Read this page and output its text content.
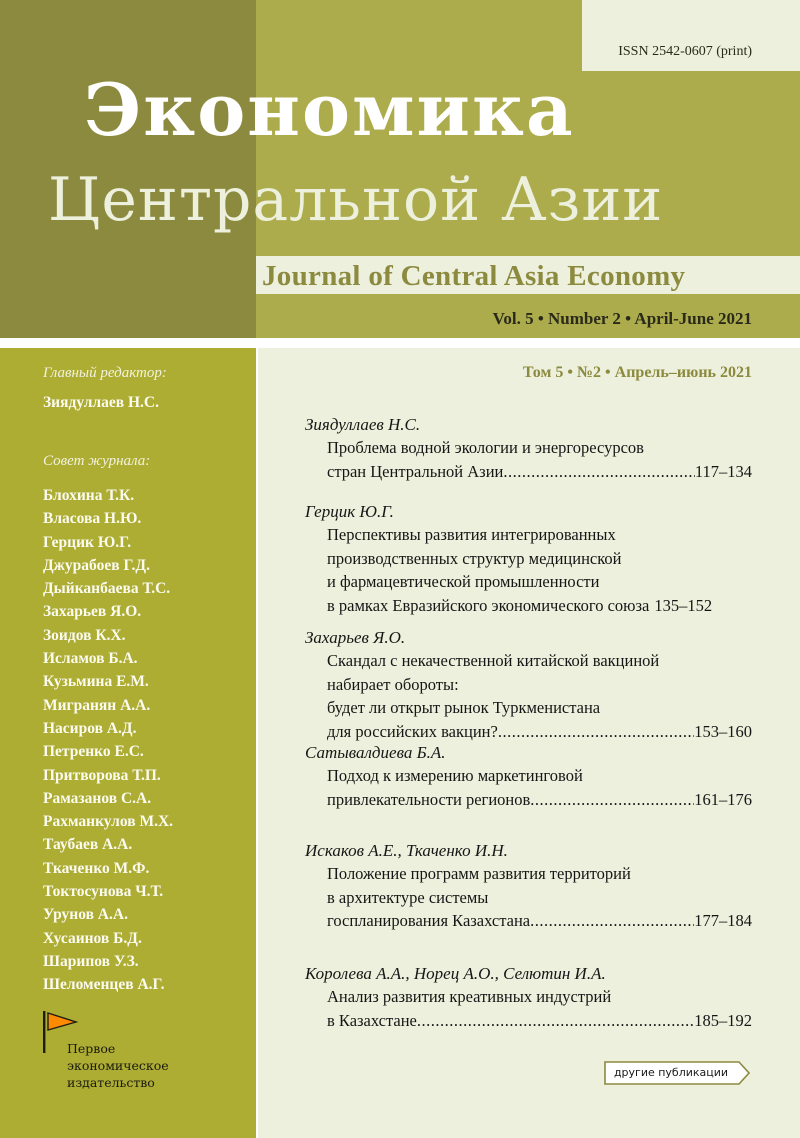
ISSN 2542-0607 (print)
Экономика
Центральной Азии
Journal of Central Asia Economy
Vol. 5 • Number 2 • April-June 2021
Главный редактор:
Зиядуллаев Н.С.
Совет журнала:
Блохина Т.К.
Власова Н.Ю.
Герцик Ю.Г.
Джурабоев Г.Д.
Дыйканбаева Т.С.
Захарьев Я.О.
Зоидов К.Х.
Исламов Б.А.
Кузьмина Е.М.
Мигранян А.А.
Насиров А.Д.
Петренко Е.С.
Притворова Т.П.
Рамазанов С.А.
Рахманкулов М.Х.
Таубаев А.А.
Ткаченко М.Ф.
Токтосунова Ч.Т.
Урунов А.А.
Хусаинов Б.Д.
Шарипов У.З.
Шеломенцев А.Г.
Первое
экономическое
издательство
Том 5 • №2 • Апрель–июнь 2021
Зиядуллаев Н.С.
Проблема водной экологии и энергоресурсов
стран Центральной Азии .....	117–134
Герцик Ю.Г.
Перспективы развития интегрированных
производственных структур медицинской
и фармацевтической промышленности
в рамках Евразийского экономического союза 135–152
Захарьев Я.О.
Скандал с некачественной китайской вакциной
набирает обороты:
будет ли открыт рынок Туркменистана
для российских вакцин? .....	153–160
Сатывалдиева Б.А.
Подход к измерению маркетинговой
привлекательности регионов .....	161–176
Искаков А.Е., Ткаченко И.Н.
Положение программ развития территорий
в архитектуре системы
госпланирования Казахстана .....	177–184
Королева А.А., Норец А.О., Селютин И.А.
Анализ развития креативных индустрий
в Казахстане .....	185–192
другие публикации
